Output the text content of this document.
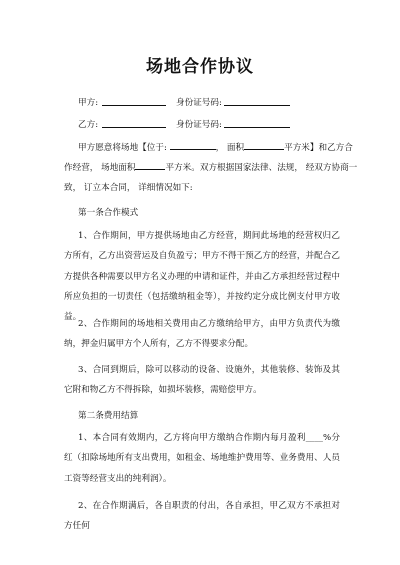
场地合作协议
甲方:	身份证号码:
乙方:	身份证号码:
甲方愿意将场地【位于:	， 面积	平方米】和乙方合
作经营， 场地面积	平方米。双方根据国家法律、法规， 经双方协商一
致， 订立本合同， 详细情况如下:
第一条合作模式
1、合作期间，甲方提供场地由乙方经营，期间此场地的经营权归乙方所有，乙方出资营运及自负盈亏；甲方不得干预乙方的经营，并配合乙方提供各种需要以甲方名义办理的申请和证件，并由乙方承担经营过程中所应负担的一切责任（包括缴纳租金等），并按约定分成比例支付甲方收益。
2、合作期间的场地相关费用由乙方缴纳给甲方，由甲方负责代为缴纳，押金归属甲方个人所有，乙方不得要求分配。
3、合同到期后，除可以移动的设备、设施外，其他装修、装饰及其它附和物乙方不得拆除，如损坏装修，需赔偿甲方。
第二条费用结算
1、本合同有效期内，乙方将向甲方缴纳合作期内每月盈利____%分红（扣除场地所有支出费用，如租金、场地维护费用等、业务费用、人员工资等经营支出的纯利润）。
2、在合作期满后，各自职责的付出，各自承担，甲乙双方不承担对方任何
